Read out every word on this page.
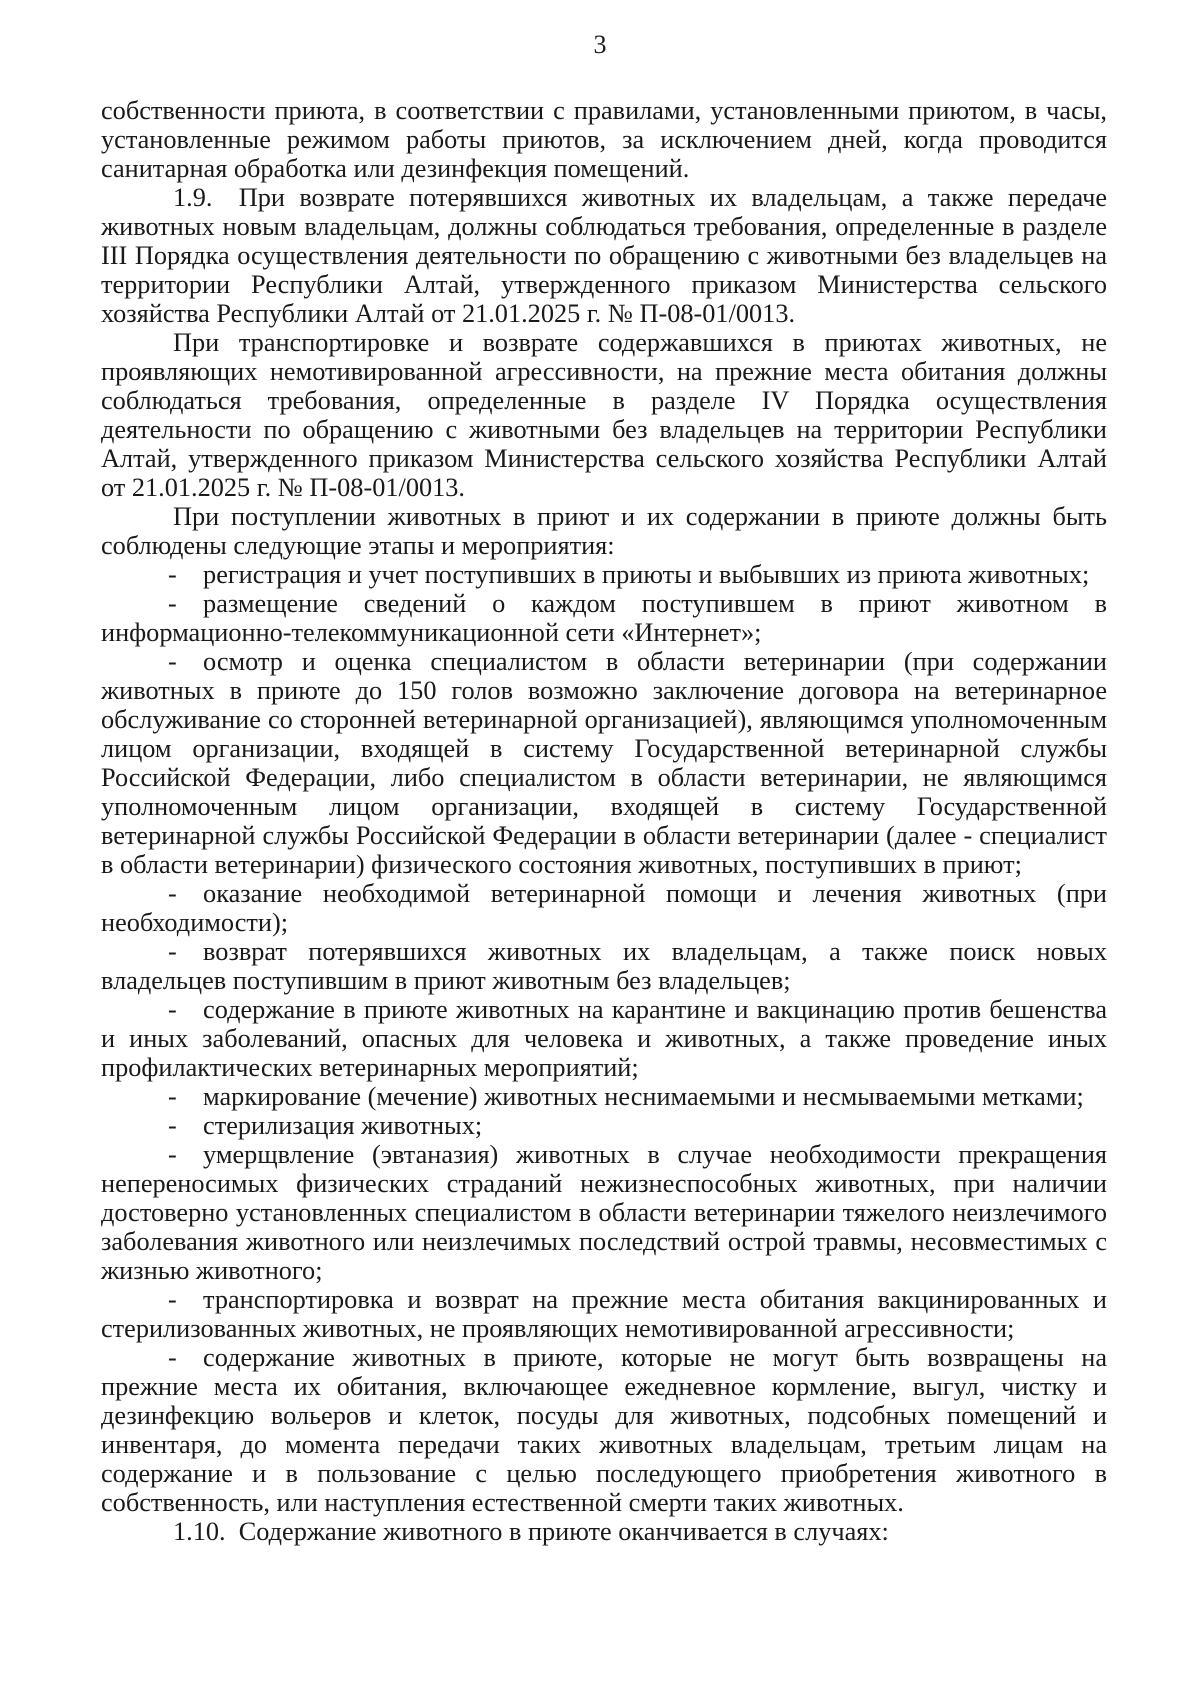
3

собственности приюта, в соответствии с правилами, установленными приютом, в часы, установленные режимом работы приютов, за исключением дней, когда проводится санитарная обработка или дезинфекция помещений.

1.9. При возврате потерявшихся животных их владельцам, а также передаче животных новым владельцам, должны соблюдаться требования, определенные в разделе III Порядка осуществления деятельности по обращению с животными без владельцев на территории Республики Алтай, утвержденного приказом Министерства сельского хозяйства Республики Алтай от 21.01.2025 г. № П-08-01/0013.

При транспортировке и возврате содержавшихся в приютах животных, не проявляющих немотивированной агрессивности, на прежние места обитания должны соблюдаться требования, определенные в разделе IV Порядка осуществления деятельности по обращению с животными без владельцев на территории Республики Алтай, утвержденного приказом Министерства сельского хозяйства Республики Алтай от 21.01.2025 г. № П-08-01/0013.

При поступлении животных в приют и их содержании в приюте должны быть соблюдены следующие этапы и мероприятия:

- регистрация и учет поступивших в приюты и выбывших из приюта животных;

- размещение сведений о каждом поступившем в приют животном в информационно-телекоммуникационной сети «Интернет»;

- осмотр и оценка специалистом в области ветеринарии (при содержании животных в приюте до 150 голов возможно заключение договора на ветеринарное обслуживание со сторонней ветеринарной организацией), являющимся уполномоченным лицом организации, входящей в систему Государственной ветеринарной службы Российской Федерации, либо специалистом в области ветеринарии, не являющимся уполномоченным лицом организации, входящей в систему Государственной ветеринарной службы Российской Федерации в области ветеринарии (далее - специалист в области ветеринарии) физического состояния животных, поступивших в приют;

- оказание необходимой ветеринарной помощи и лечения животных (при необходимости);

- возврат потерявшихся животных их владельцам, а также поиск новых владельцев поступившим в приют животным без владельцев;

- содержание в приюте животных на карантине и вакцинацию против бешенства и иных заболеваний, опасных для человека и животных, а также проведение иных профилактических ветеринарных мероприятий;

- маркирование (мечение) животных неснимаемыми и несмываемыми метками;

- стерилизация животных;

- умерщвление (эвтаназия) животных в случае необходимости прекращения непереносимых физических страданий нежизнеспособных животных, при наличии достоверно установленных специалистом в области ветеринарии тяжелого неизлечимого заболевания животного или неизлечимых последствий острой травмы, несовместимых с жизнью животного;

- транспортировка и возврат на прежние места обитания вакцинированных и стерилизованных животных, не проявляющих немотивированной агрессивности;

- содержание животных в приюте, которые не могут быть возвращены на прежние места их обитания, включающее ежедневное кормление, выгул, чистку и дезинфекцию вольеров и клеток, посуды для животных, подсобных помещений и инвентаря, до момента передачи таких животных владельцам, третьим лицам на содержание и в пользование с целью последующего приобретения животного в собственность, или наступления естественной смерти таких животных.

1.10. Содержание животного в приюте оканчивается в случаях:
